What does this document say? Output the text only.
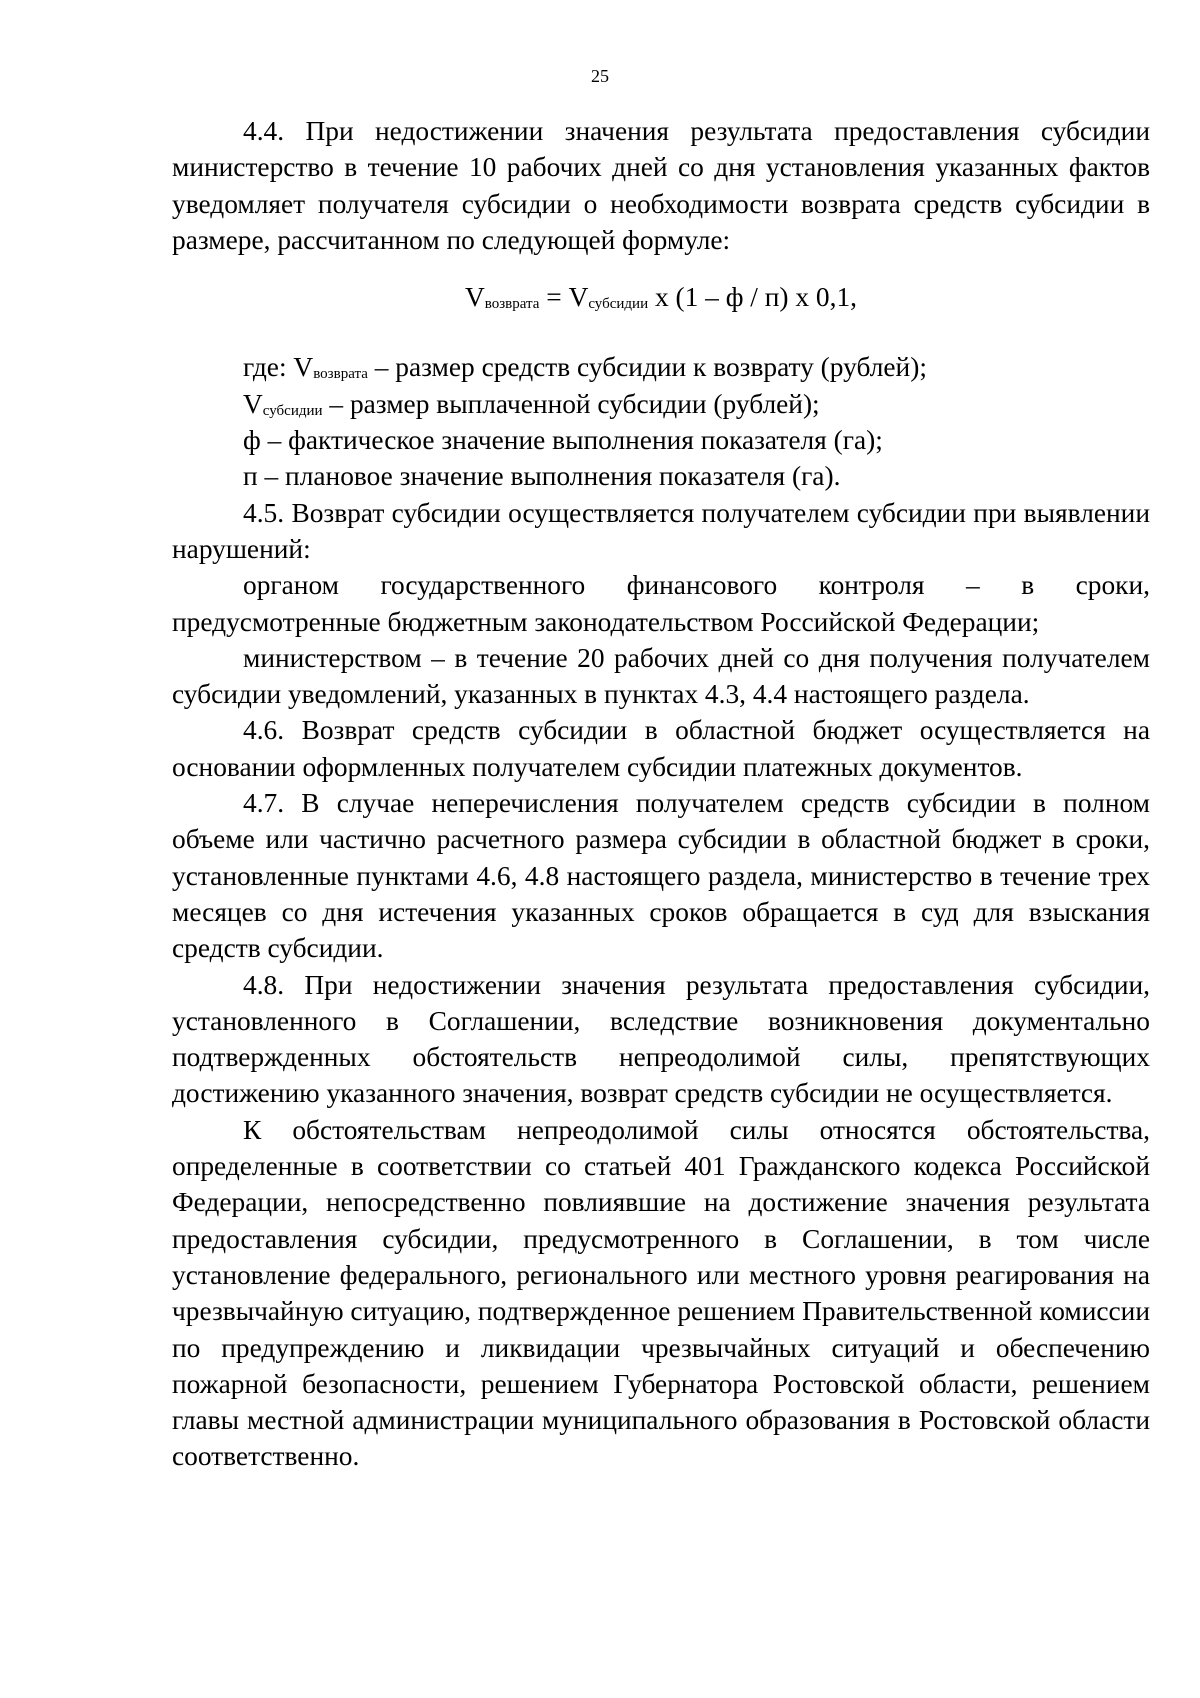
25

4.4. При недостижении значения результата предоставления субсидии министерство в течение 10 рабочих дней со дня установления указанных фактов уведомляет получателя субсидии о необходимости возврата средств субсидии в размере, рассчитанном по следующей формуле:

$V_{возврата} = V_{субсидии}$ х (1 – ф / п) х 0,1,
где: $V_{возврата}$ – размер средств субсидии к возврату (рублей);
$V_{субсидии}$ – размер выплаченной субсидии (рублей);
ф – фактическое значение выполнения показателя (га);
п – плановое значение выполнения показателя (га).

4.5. Возврат субсидии осуществляется получателем субсидии при выявлении нарушений:

органом государственного финансового контроля – в сроки, предусмотренные бюджетным законодательством Российской Федерации;

министерством – в течение 20 рабочих дней со дня получения получателем субсидии уведомлений, указанных в пунктах 4.3, 4.4 настоящего раздела.

4.6. Возврат средств субсидии в областной бюджет осуществляется на основании оформленных получателем субсидии платежных документов.

4.7. В случае неперечисления получателем средств субсидии в полном объеме или частично расчетного размера субсидии в областной бюджет в сроки, установленные пунктами 4.6, 4.8 настоящего раздела, министерство в течение трех месяцев со дня истечения указанных сроков обращается в суд для взыскания средств субсидии.

4.8. При недостижении значения результата предоставления субсидии, установленного в Соглашении, вследствие возникновения документально подтвержденных обстоятельств непреодолимой силы, препятствующих достижению указанного значения, возврат средств субсидии не осуществляется.

К обстоятельствам непреодолимой силы относятся обстоятельства, определенные в соответствии со статьей 401 Гражданского кодекса Российской Федерации, непосредственно повлиявшие на достижение значения результата предоставления субсидии, предусмотренного в Соглашении, в том числе установление федерального, регионального или местного уровня реагирования на чрезвычайную ситуацию, подтвержденное решением Правительственной комиссии по предупреждению и ликвидации чрезвычайных ситуаций и обеспечению пожарной безопасности, решением Губернатора Ростовской области, решением главы местной администрации муниципального образования в Ростовской области соответственно.
